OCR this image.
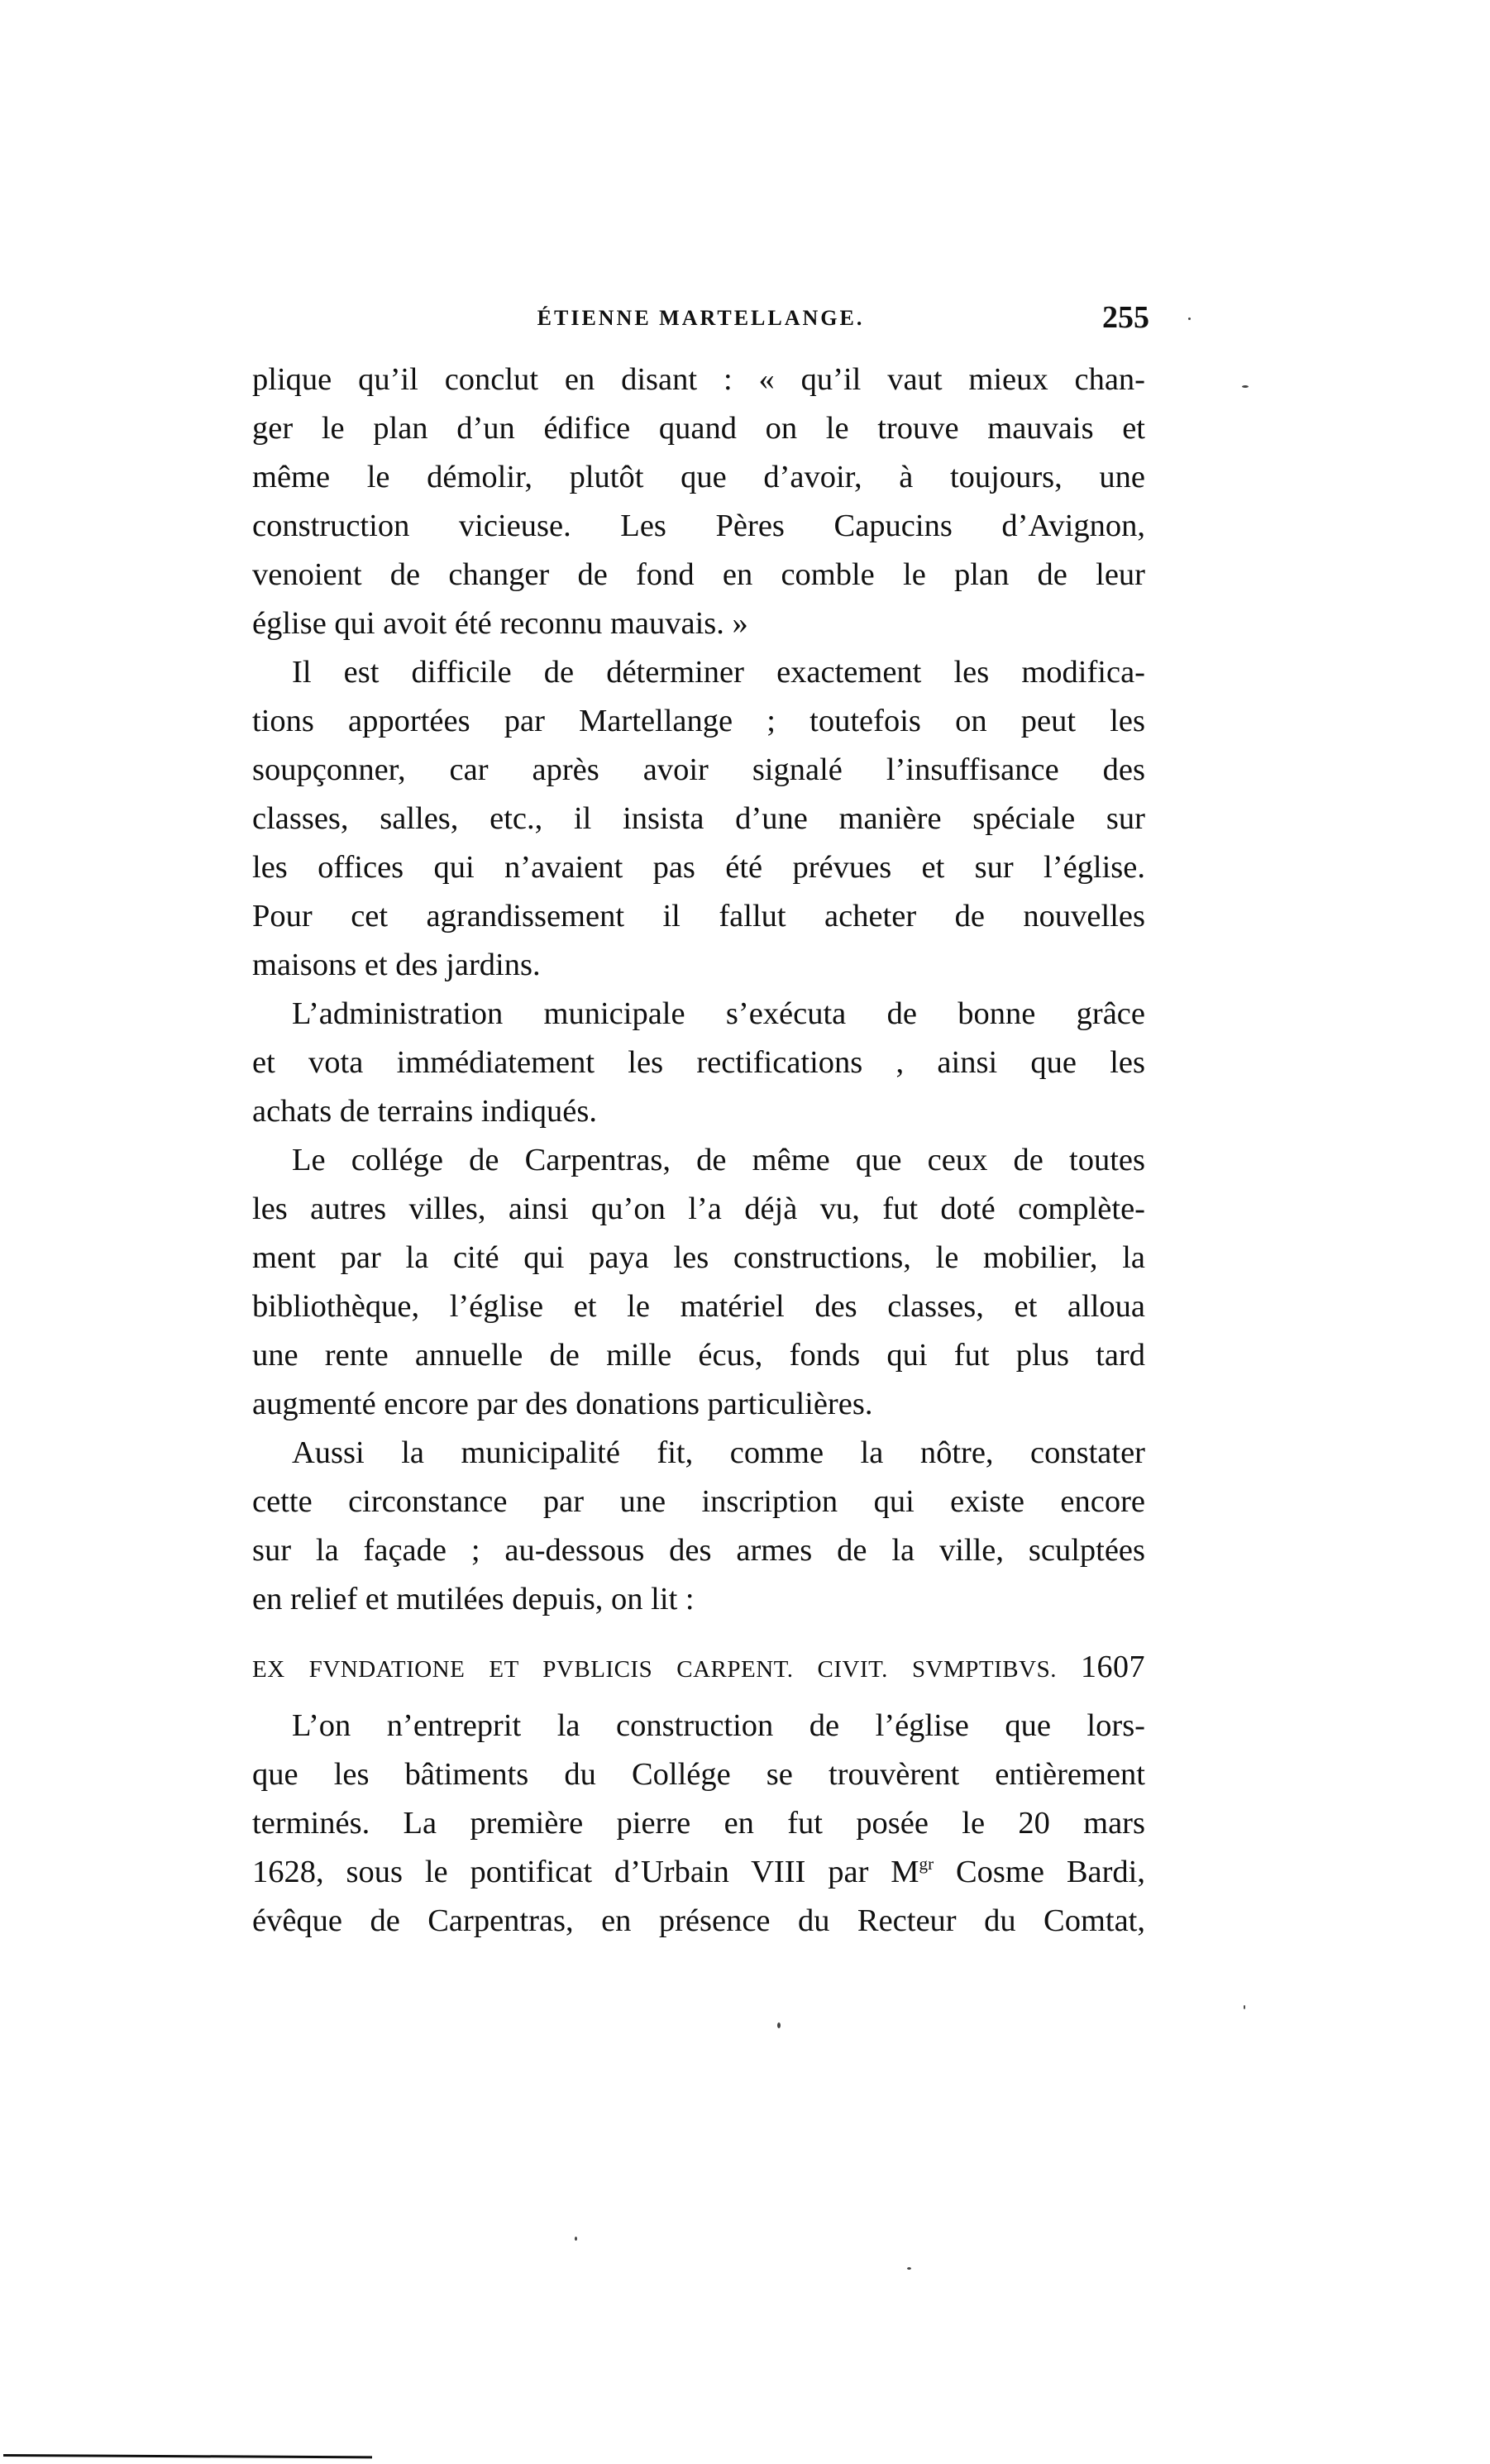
ÉTIENNE MARTELLANGE.	255
plique qu’il conclut en disant : « qu’il vaut mieux chan-
ger le plan d’un édifice quand on le trouve mauvais et
même le démolir, plutôt que d’avoir, à toujours, une
construction vicieuse. Les Pères Capucins d’Avignon,
venoient de changer de fond en comble le plan de leur
église qui avoit été reconnu mauvais. »
Il est difficile de déterminer exactement les modifica-
tions apportées par Martellange ; toutefois on peut les
soupçonner, car après avoir signalé l’insuffisance des
classes, salles, etc., il insista d’une manière spéciale sur
les offices qui n’avaient pas été prévues et sur l’église.
Pour cet agrandissement il fallut acheter de nouvelles
maisons et des jardins.
L’administration municipale s’exécuta de bonne grâce
et vota immédiatement les rectifications , ainsi que les
achats de terrains indiqués.
Le collége de Carpentras, de même que ceux de toutes
les autres villes, ainsi qu’on l’a déjà vu, fut doté complète-
ment par la cité qui paya les constructions, le mobilier, la
bibliothèque, l’église et le matériel des classes, et alloua
une rente annuelle de mille écus, fonds qui fut plus tard
augmenté encore par des donations particulières.
Aussi la municipalité fit, comme la nôtre, constater
cette circonstance par une inscription qui existe encore
sur la façade ; au-dessous des armes de la ville, sculptées
en relief et mutilées depuis, on lit :
EX FVNDATIONE ET PVBLICIS CARPENT. CIVIT. SVMPTIBVS. 1607
L’on n’entreprit la construction de l’église que lors-
que les bâtiments du Collége se trouvèrent entièrement
terminés. La première pierre en fut posée le 20 mars
1628, sous le pontificat d’Urbain VIII par $M^{gr}$ Cosme Bardi,
évêque de Carpentras, en présence du Recteur du Comtat,
